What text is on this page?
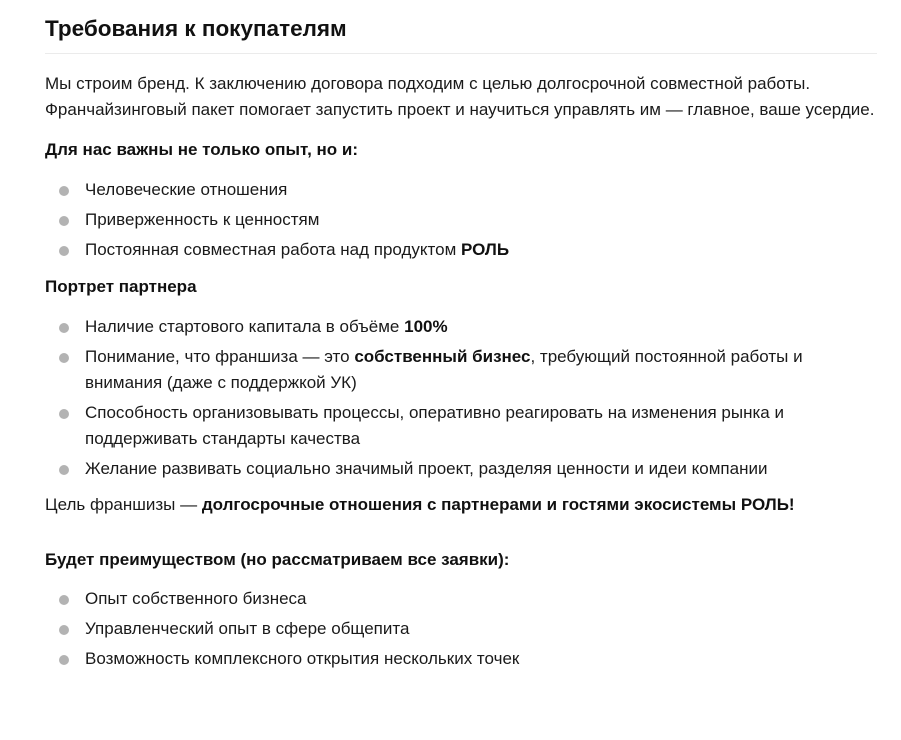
Требования к покупателям

Мы строим бренд. К заключению договора подходим с целью долгосрочной совместной работы. Франчайзинговый пакет помогает запустить проект и научиться управлять им — главное, ваше усердие.

Для нас важны не только опыт, но и:

Человеческие отношения
Приверженность к ценностям
Постоянная совместная работа над продуктом РОЛЬ

Портрет партнера

Наличие стартового капитала в объёме 100%
Понимание, что франшиза — это собственный бизнес, требующий постоянной работы и внимания (даже с поддержкой УК)
Способность организовывать процессы, оперативно реагировать на изменения рынка и поддерживать стандарты качества
Желание развивать социально значимый проект, разделяя ценности и идеи компании

Цель франшизы — долгосрочные отношения с партнерами и гостями экосистемы РОЛЬ!

Будет преимуществом (но рассматриваем все заявки):

Опыт собственного бизнеса
Управленческий опыт в сфере общепита
Возможность комплексного открытия нескольких точек
